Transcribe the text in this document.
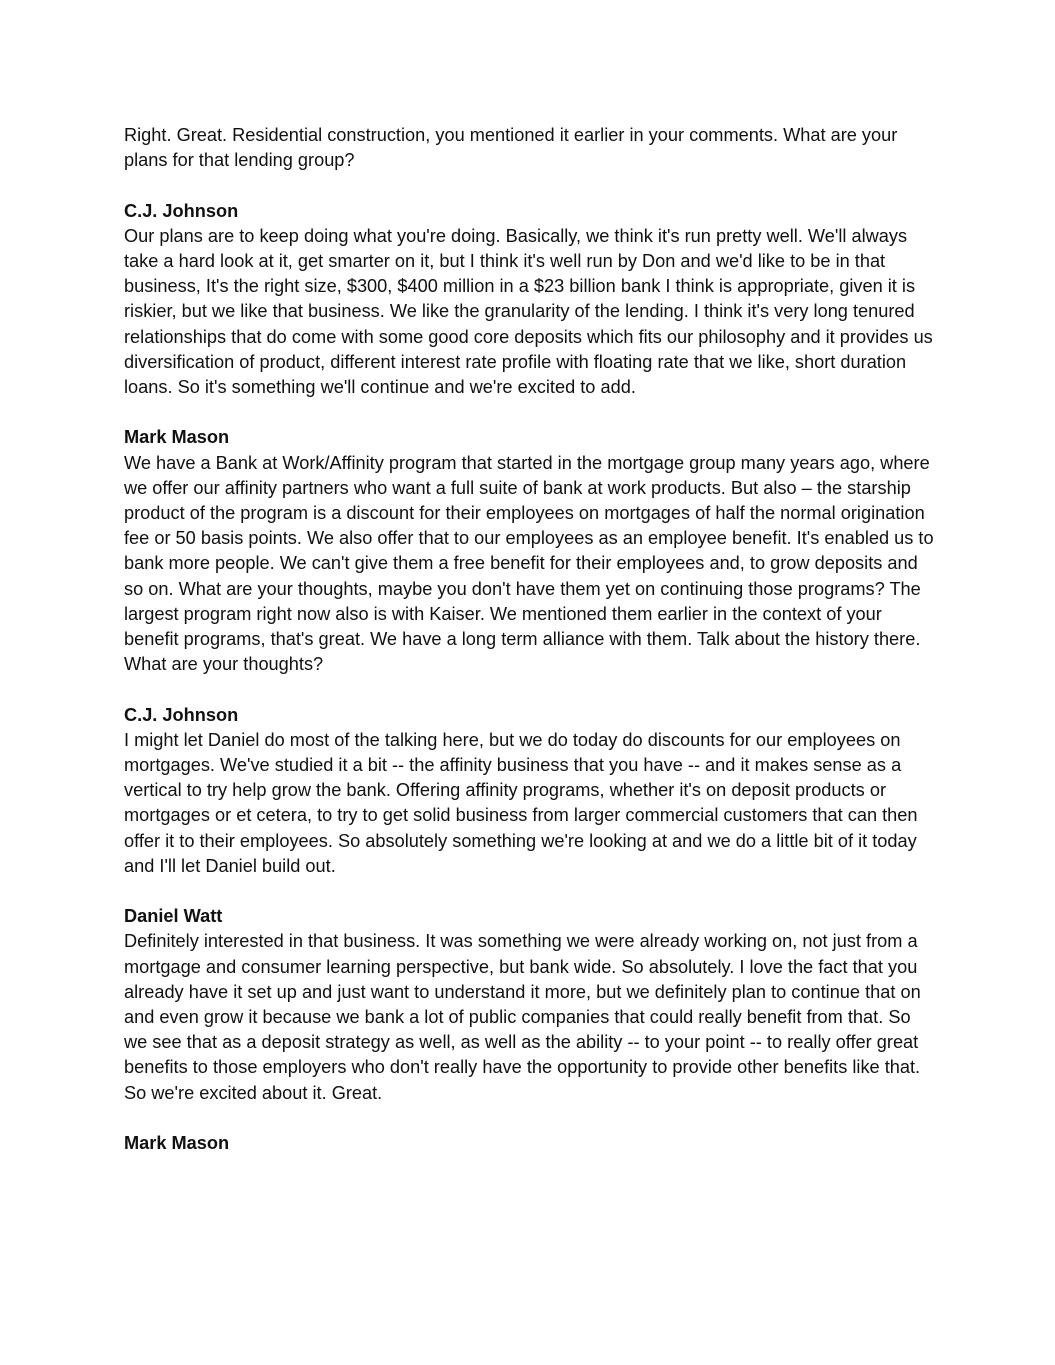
Right. Great. Residential construction, you mentioned it earlier in your comments. What are your plans for that lending group?
C.J. Johnson
Our plans are to keep doing what you're doing. Basically, we think it's run pretty well. We'll always take a hard look at it, get smarter on it, but I think it's well run by Don and we'd like to be in that business, It's the right size, $300, $400 million in a $23 billion bank I think is appropriate, given it is riskier, but we like that business. We like the granularity of the lending. I think it's very long tenured relationships that do come with some good core deposits which fits our philosophy and it provides us diversification of product, different interest rate profile with floating rate that we like, short duration loans. So it's something we'll continue and we're excited to add.
Mark Mason
We have a Bank at Work/Affinity program that started in the mortgage group many years ago, where we offer our affinity partners who want a full suite of bank at work products. But also – the starship product of the program is a discount for their employees on mortgages of half the normal origination fee or 50 basis points. We also offer that to our employees as an employee benefit. It's enabled us to bank more people. We can't give them a free benefit for their employees and, to grow deposits and so on. What are your thoughts, maybe you don't have them yet on continuing those programs? The largest program right now also is with Kaiser. We mentioned them earlier in the context of your benefit programs, that's great. We have a long term alliance with them. Talk about the history there. What are your thoughts?
C.J. Johnson
I might let Daniel do most of the talking here, but we do today do discounts for our employees on mortgages. We've studied it a bit -- the affinity business that you have -- and it makes sense as a vertical to try help grow the bank. Offering affinity programs, whether it's on deposit products or mortgages or et cetera, to try to get solid business from larger commercial customers that can then offer it to their employees. So absolutely something we're looking at and we do a little bit of it today and I'll let Daniel build out.
Daniel Watt
Definitely interested in that business. It was something we were already working on, not just from a mortgage and consumer learning perspective, but bank wide. So absolutely. I love the fact that you already have it set up and just want to understand it more, but we definitely plan to continue that on and even grow it because we bank a lot of public companies that could really benefit from that. So we see that as a deposit strategy as well, as well as the ability -- to your point -- to really offer great benefits to those employers who don't really have the opportunity to provide other benefits like that. So we're excited about it. Great.
Mark Mason
